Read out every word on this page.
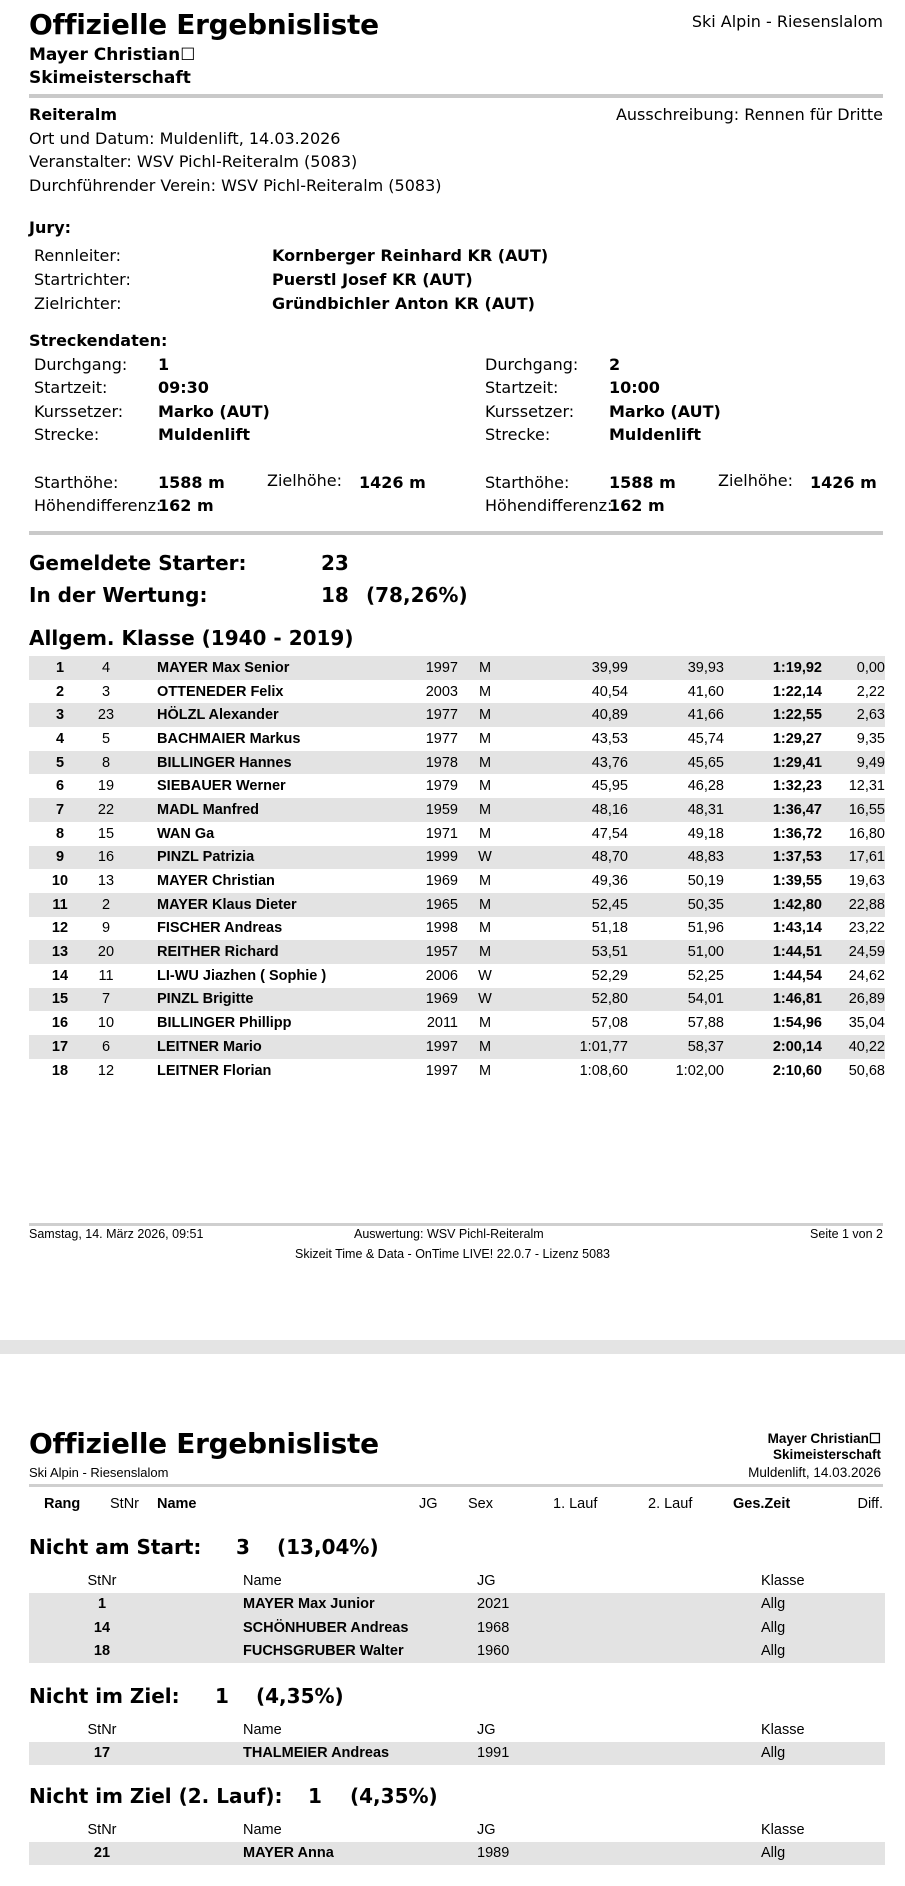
Offizielle Ergebnisliste	Ski Alpin - Riesenslalom
Mayer Christian☐
Skimeisterschaft
Reiteralm	Ausschreibung: Rennen für Dritte
Ort und Datum: Muldenlift, 14.03.2026
Veranstalter: WSV Pichl-Reiteralm (5083)
Durchführender Verein: WSV Pichl-Reiteralm (5083)
Jury:
Rennleiter:	Kornberger Reinhard KR (AUT)
Startrichter:	Puerstl Josef KR (AUT)
Zielrichter:	Gründbichler Anton KR (AUT)
Streckendaten:
Durchgang: 1
Startzeit:	09:30
Kurssetzer: Marko (AUT)
Strecke:	Muldenlift
Starthöhe: 1588 m	Zielhöhe: 1426 m
Höhendifferenz:
162 m
Durchgang: 2
Startzeit:	10:00
Kurssetzer: Marko (AUT)
Strecke:	Muldenlift
Starthöhe: 1588 m	Zielhöhe: 1426 m
Höhendifferenz:
162 m
Gemeldete Starter:	23
In der Wertung:	18 (78,26%)
Allgem. Klasse (1940 - 2019)
1	4	MAYER Max Senior	1997	M	39,99	39,93	1:19,92	0,00
2	3	OTTENEDER Felix	2003	M	40,54	41,60	1:22,14	2,22
3	23	HÖLZL Alexander	1977	M	40,89	41,66	1:22,55	2,63
4	5	BACHMAIER Markus	1977	M	43,53	45,74	1:29,27	9,35
5	8	BILLINGER Hannes	1978	M	43,76	45,65	1:29,41	9,49
6	19	SIEBAUER Werner	1979	M	45,95	46,28	1:32,23	12,31
7	22	MADL Manfred	1959	M	48,16	48,31	1:36,47	16,55
8	15	WAN Ga	1971	M	47,54	49,18	1:36,72	16,80
9	16	PINZL Patrizia	1999	W	48,70	48,83	1:37,53	17,61
10	13	MAYER Christian	1969	M	49,36	50,19	1:39,55	19,63
11	2	MAYER Klaus Dieter	1965	M	52,45	50,35	1:42,80	22,88
12	9	FISCHER Andreas	1998	M	51,18	51,96	1:43,14	23,22
13	20	REITHER Richard	1957	M	53,51	51,00	1:44,51	24,59
14	11	LI-WU Jiazhen ( Sophie )	2006	W	52,29	52,25	1:44,54	24,62
15	7	PINZL Brigitte	1969	W	52,80	54,01	1:46,81	26,89
16	10	BILLINGER Phillipp	2011	M	57,08	57,88	1:54,96	35,04
17	6	LEITNER Mario	1997	M	1:01,77	58,37	2:00,14	40,22
18	12	LEITNER Florian	1997	M	1:08,60	1:02,00	2:10,60	50,68
Samstag, 14. März 2026, 09:51	Auswertung: WSV Pichl-Reiteralm	Seite 1 von 2
Skizeit Time & Data - OnTime LIVE! 22.0.7 - Lizenz 5083
Offizielle Ergebnisliste	Mayer Christian☐
Skimeisterschaft
Ski Alpin - Riesenslalom	Muldenlift, 14.03.2026
Rang StNr Name	JG Sex	1. Lauf	2. Lauf	Ges.Zeit	Diff.
Nicht am Start: 3 (13,04%)
StNr	Name	JG	Klasse
1	MAYER Max Junior	2021	Allg
14	SCHÖNHUBER Andreas	1968	Allg
18	FUCHSGRUBER Walter	1960	Allg
Nicht im Ziel: 1 (4,35%)
StNr	Name	JG	Klasse
17	THALMEIER Andreas	1991	Allg
Nicht im Ziel (2. Lauf): 1 (4,35%)
StNr	Name	JG	Klasse
21	MAYER Anna	1989	Allg
